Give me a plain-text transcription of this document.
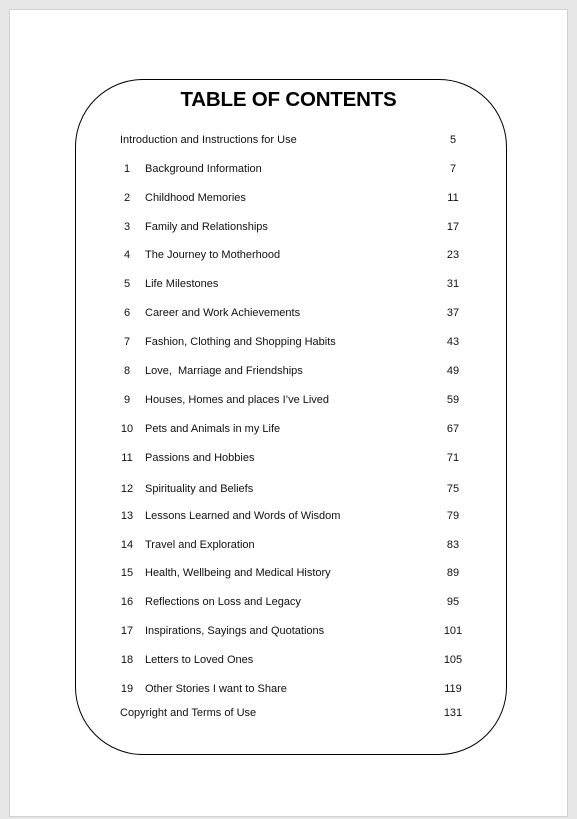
TABLE OF CONTENTS
Introduction and Instructions for Use	5
1	Background Information	7
2	Childhood Memories	11
3	Family and Relationships	17
4	The Journey to Motherhood	23
5	Life Milestones	31
6	Career and Work Achievements	37
7	Fashion, Clothing and Shopping Habits	43
8	Love,  Marriage and Friendships	49
9	Houses, Homes and places I’ve Lived	59
10 Pets and Animals in my Life	67
11 Passions and Hobbies	71
12 Spirituality and Beliefs	75
13 Lessons Learned and Words of Wisdom	79
14 Travel and Exploration	83
15 Health, Wellbeing and Medical History	89
16 Reflections on Loss and Legacy	95
17 Inspirations, Sayings and Quotations	101
18 Letters to Loved Ones	105
19 Other Stories I want to Share	119
Copyright and Terms of Use	131
